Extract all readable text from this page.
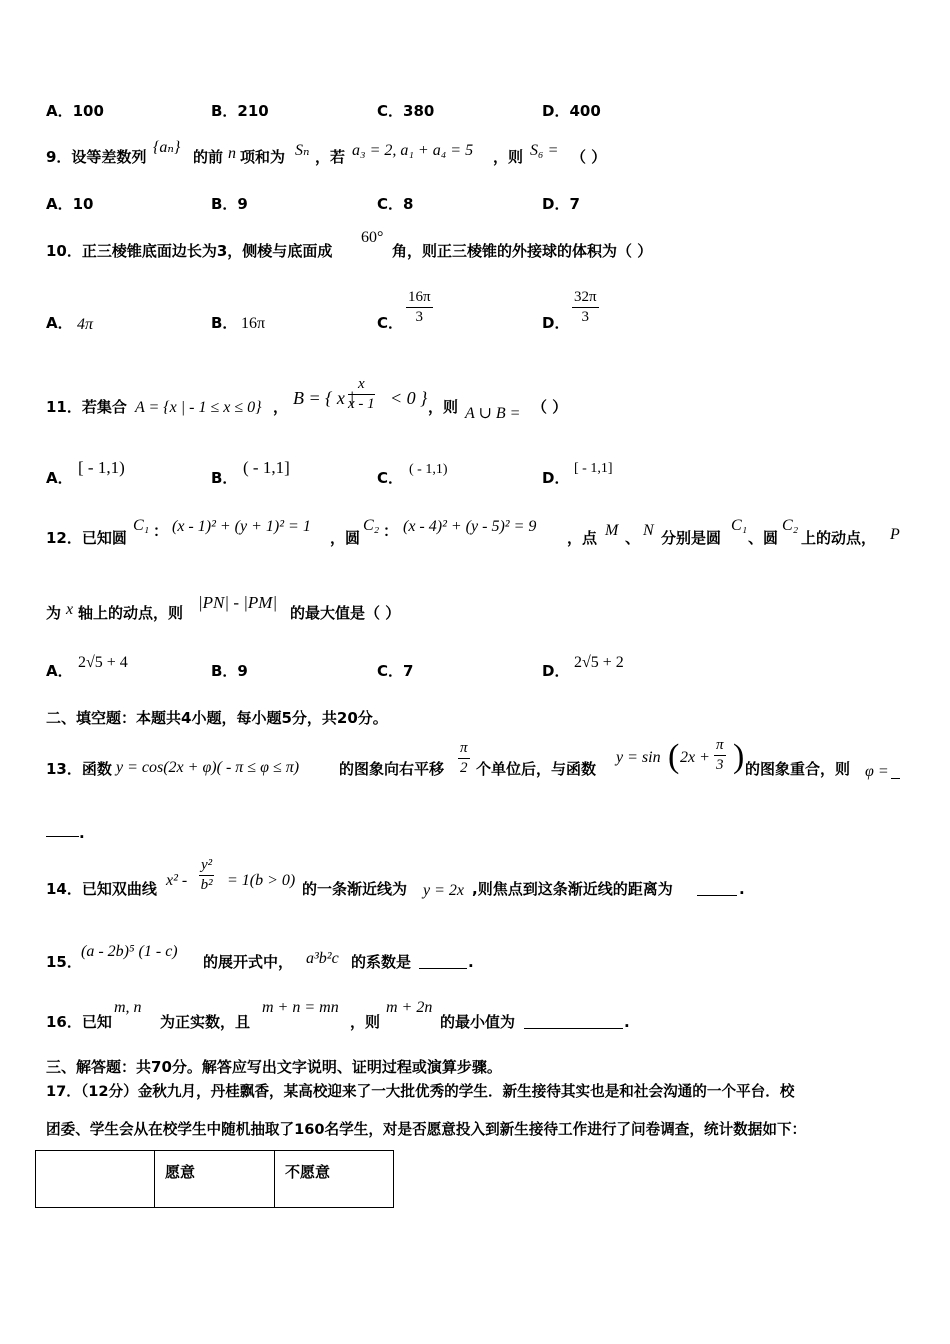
A．100	B．210	C．380	D．400
9．设等差数列
{aₙ}
的前 n 项和为 Sₙ ，若 a₃ = 2, a₁ + a₄ = 5 ，则 S₆ = （ ）
A．10	B．9	C．8	D．7
10．正三棱锥底面边长为3，侧棱与底面成
60°
角，则正三棱锥的外接球的体积为（ ）
A． 4π	B． 16π	C． $\frac{16\pi}{3}$	D． $\frac{32\pi}{3}$
11．若集合 A = {x | - 1 ≤ x ≤ 0} ， B = { x |
$\frac{x}{x - 1} < 0$ } ，则 A ∪ B = （ ）
A．
[ - 1,1)
B．
( - 1,1]
C． ( - 1,1)	D．
[ - 1,1]
12．已知圆
C₁ ： (x - 1)² + (y + 1)² = 1
，圆
C₂ ： (x - 4)² + (y - 5)² = 9
，点 M 、 N 分别是圆
C₁
、圆
C₂
上的动点， P
为 x 轴上的动点，则
|PN| - |PM|
的最大值是（ ）
A． 2√5 + 4	B．9	C．7	D． 2√5 + 2
二、填空题：本题共4小题，每小题5分，共20分。
13．函数 y = cos(2x + φ)( - π ≤ φ ≤ π)	的图象向右平移 $\frac{\pi}{2}$ 个单位后，与函数
y = sin ( $2x + \frac{\pi}{3}$ ) 的图象重合，则 φ =
.
14．已知双曲线 $x^2 - \frac{\text{y²}}{\text{b²}} = 1(b > 0)$ 的一条渐近线为 y = 2x ,则焦点到这条渐近线的距离为	.
15．
(a - 2b)⁵ (1 - c)
的展开式中， a³b²c 的系数是	.
16．已知
m, n
为正实数，且
m + n = mn
，则
m + 2n
的最小值为	.
三、解答题：共70分。解答应写出文字说明、证明过程或演算步骤。
17．（12分）金秋九月，丹桂飘香，某高校迎来了一大批优秀的学生．新生接待其实也是和社会沟通的一个平台．校
团委、学生会从在校学生中随机抽取了160名学生，对是否愿意投入到新生接待工作进行了问卷调查，统计数据如下：
	愿意	不愿意
